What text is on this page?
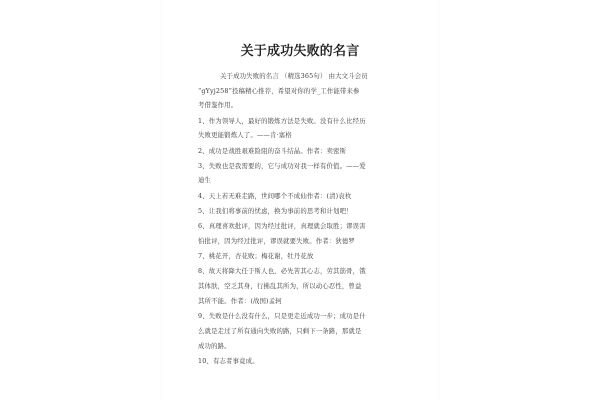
关于成功失败的名言
关于成功失败的名言 （精选365句） 由大文斗会员
“gYyj258”投稿精心推荐，希望对你的学_工作能带来参
考借鉴作用。
1、作为领导人，最好的锻炼方法是失败。没有什么比经历
失败更能锻炼人了。——肯·塞格
2、成功是战胜艰难险阻的奋斗结晶。作者：卖密斯
3、失败也是我需要的，它与成功对我一样有价值。——爱
迪生
4、天上若无难走路，世间哪个不成仙作者：(清)袁枚
5、让我们将事前的忧虑，换为事前的思考和计划吧！
6、真理喜欢批评，因为经过批评，真理就会取胜；谬误害
怕批评，因为经过批评，谬误就要失败。作者：狄德罗
7、桃花开，杏花败；梅花谢，牡丹花放
8、故天将降大任于斯人也，必先苦其心志，劳其筋骨，饿
其体肤，空乏其身，行拂乱其所为，所以动心忍性，曾益
其所不能。作者：(战国)孟轲
9、失败是什么没有什么，只是更走近成功一步；成功是什
么就是走过了所有通向失败的路，只剩下一条路，那就是
成功的路。
10、有志者事竟成。
